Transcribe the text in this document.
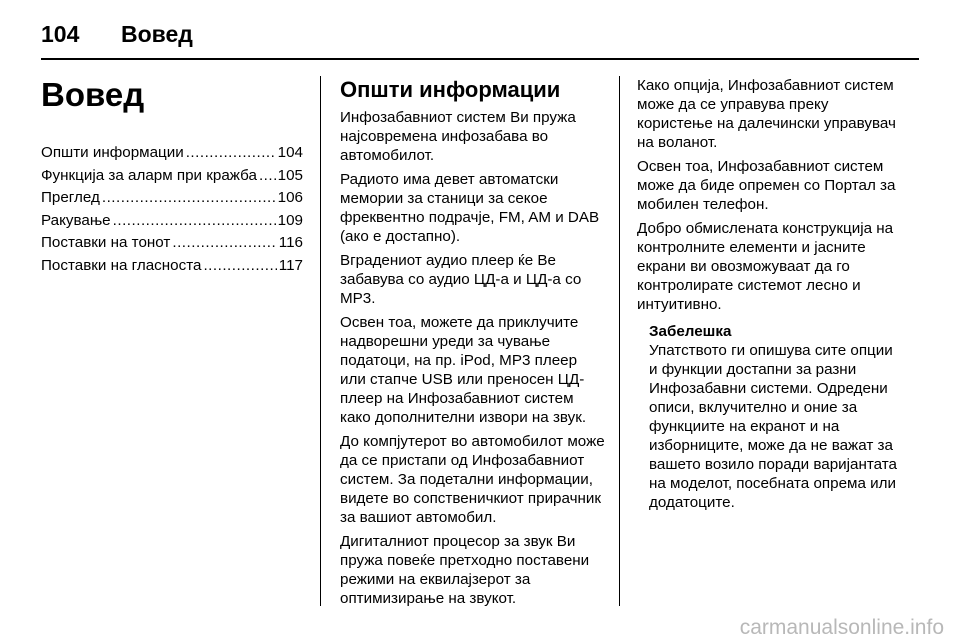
104	Вовед
Вовед
Општи информации .....	104
Функција за аларм при кражба ..... 105
Преглед .....	106
Ракување .....	109
Поставки на тонот .....	116
Поставки на гласноста .....	117
Општи информации

Инфозабавниот систем Ви пружа најсовремена инфозабава во автомобилот.

Радиото има девет автоматски мемории за станици за секое фреквентно подрачје, FM, AM и DAB (ако е достапно).

Вградениот аудио плеер ќе Ве забавува со аудио ЦД-а и ЦД-а со MP3.

Освен тоа, можете да приклучите надворешни уреди за чување податоци, на пр. iPod, MP3 плеер или стапче USB или преносен ЦД-плеер на Инфозабавниот систем како дополнителни извори на звук.

До компјутерот во автомобилот може да се пристапи од Инфозабавниот систем. За подетални информации, видете во сопственичкиот прирачник за вашиот автомобил.

Дигиталниот процесор за звук Ви пружа повеќе претходно поставени режими на еквилајзерот за оптимизирање на звукот.

Како опција, Инфозабавниот систем може да се управува преку користење на далечински управувач на воланот.

Освен тоа, Инфозабавниот систем може да биде опремен со Портал за мобилен телефон.

Добро обмислената конструкција на контролните елементи и јасните екрани ви овозможуваат да го контролирате системот лесно и интуитивно.

Забелешка

Упатството ги опишува сите опции и функции достапни за разни Инфозабавни системи. Одредени описи, вклучително и оние за функциите на екранот и на изборниците, може да не важат за вашето возило поради варијантата на моделот, посебната опрема или додатоците.

carmanualsonline.info
